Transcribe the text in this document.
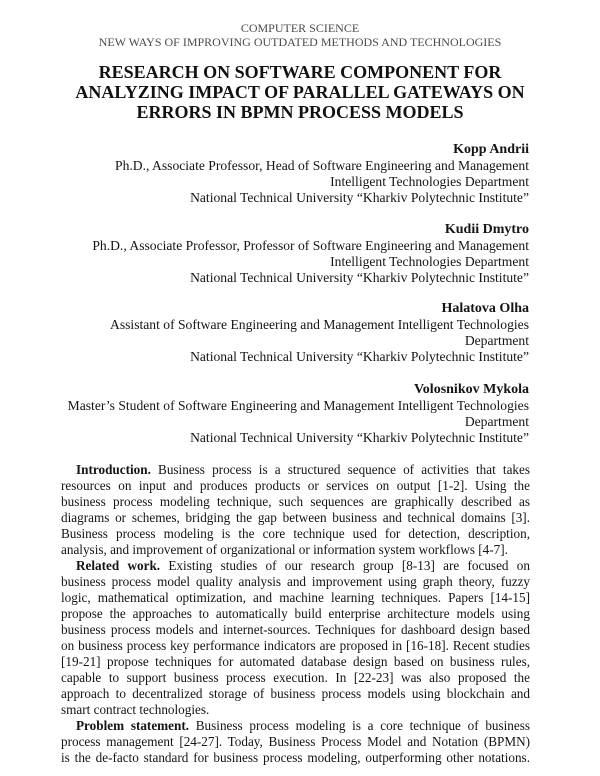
COMPUTER SCIENCE
NEW WAYS OF IMPROVING OUTDATED METHODS AND TECHNOLOGIES
RESEARCH ON SOFTWARE COMPONENT FOR
ANALYZING IMPACT OF PARALLEL GATEWAYS ON
ERRORS IN BPMN PROCESS MODELS
Kopp Andrii
Ph.D., Associate Professor, Head of Software Engineering and Management
Intelligent Technologies Department
National Technical University “Kharkiv Polytechnic Institute”
Kudii Dmytro
Ph.D., Associate Professor, Professor of Software Engineering and Management
Intelligent Technologies Department
National Technical University “Kharkiv Polytechnic Institute”
Halatova Olha
Assistant of Software Engineering and Management Intelligent Technologies
Department
National Technical University “Kharkiv Polytechnic Institute”
Volosnikov Mykola
Master’s Student of Software Engineering and Management Intelligent Technologies
Department
National Technical University “Kharkiv Polytechnic Institute”
Introduction. Business process is a structured sequence of activities that takes
resources on input and produces products or services on output [1-2]. Using the
business process modeling technique, such sequences are graphically described as
diagrams or schemes, bridging the gap between business and technical domains [3].
Business process modeling is the core technique used for detection, description,
analysis, and improvement of organizational or information system workflows [4-7].
Related work. Existing studies of our research group [8-13] are focused on
business process model quality analysis and improvement using graph theory, fuzzy
logic, mathematical optimization, and machine learning techniques. Papers [14-15]
propose the approaches to automatically build enterprise architecture models using
business process models and internet-sources. Techniques for dashboard design based
on business process key performance indicators are proposed in [16-18]. Recent studies
[19-21] propose techniques for automated database design based on business rules,
capable to support business process execution. In [22-23] was also proposed the
approach to decentralized storage of business process models using blockchain and
smart contract technologies.
Problem statement. Business process modeling is a core technique of business
process management [24-27]. Today, Business Process Model and Notation (BPMN)
is the de-facto standard for business process modeling, outperforming other notations.
